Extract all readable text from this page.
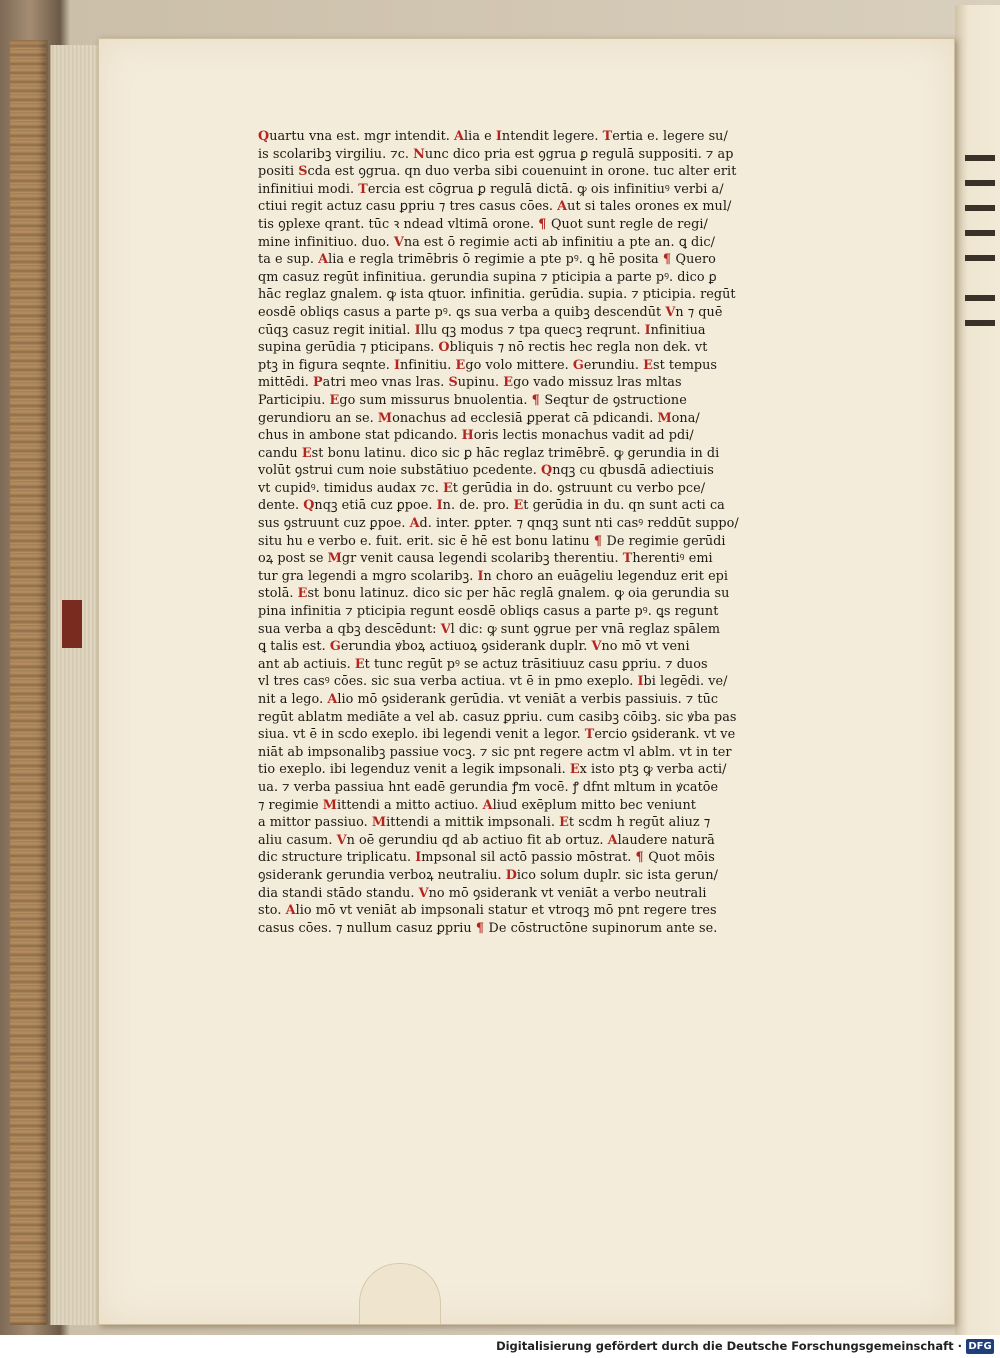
Quartu vna est. mgr intendit. Alia e Intendit legere. Tertia e. legere su/
is scolaribꝫ virgiliu. ⁊c. Nunc dico pria est ꝯgrua ꝑ regulā suppositi. ⁊ ap
positi Scda est ꝯgrua. qn duo verba sibi couenuint in orone. tuc alter erit
infinitiui modi. Tercia est cōgrua ꝑ regulā dictā. ꝙ ois infinitiuꝰ verbi a/
ctiui regit actuz casu ꝑpriu ⁊ tres casus cōes. Aut si tales orones ex mul/
tis ꝯplexe qrant. tūc ꝛ ndead vltimā orone. ¶ Quot sunt regle de regi/
mine infinitiuo. duo. Vna est ō regimie acti ab infinitiu a pte an. ꝗ dic/
ta e sup. Alia e regla trimēbris ō regimie a pte pꝰ. ꝗ hē posita ¶ Quero
qm casuz regūt infinitiua. gerundia supina ⁊ pticipia a parte pꝰ. dico ꝑ
hāc reglaz gnalem. ꝙ ista qtuor. infinitia. gerūdia. supia. ⁊ pticipia. regūt
eosdē obliqs casus a parte pꝰ. ꝗs sua verba a quibꝫ descendūt Vn ⁊ quē
cūqꝫ casuz regit initial. Illu qꝫ modus ⁊ tpa quecꝫ reqrunt. Infinitiua
supina gerūdia ⁊ pticipans. Obliquis ⁊ nō rectis hec regla non dek. vt
ptꝫ in figura seqnte. Infinitiu. Ego volo mittere. Gerundiu. Est tempus
mittēdi. Patri meo vnas lras. Supinu. Ego vado missuz lras mltas
Participiu. Ego sum missurus bnuolentia. ¶ Seqtur de ꝯstructione
gerundioru an se. Monachus ad ecclesiā ꝑperat cā pdicandi. Mona/
chus in ambone stat pdicando. Horis lectis monachus vadit ad pdi/
candu Est bonu latinu. dico sic ꝑ hāc reglaz trimēbrē. ꝙ gerundia in di
volūt ꝯstrui cum noie substātiuo pcedente. Qnqꝫ cu qbusdā adiectiuis
vt cupidꝰ. timidus audax ⁊c. Et gerūdia in do. ꝯstruunt cu verbo pce/
dente. Qnqꝫ etiā cuz ꝑpoe. In. de. pro. Et gerūdia in du. qn sunt acti ca
sus ꝯstruunt cuz ꝑpoe. Ad. inter. ꝑpter. ⁊ qnqꝫ sunt nti casꝰ reddūt suppo/
situ hu e verbo e. fuit. erit. sic ē hē est bonu latinu ¶ De regimie gerūdi
oꝝ post se Mgr venit causa legendi scolaribꝫ therentiu. Therentiꝰ emi
tur gra legendi a mgro scolaribꝫ. In choro an euāgeliu legenduz erit epi
stolā. Est bonu latinuz. dico sic per hāc reglā gnalem. ꝙ oia gerundia su
pina infinitia ⁊ pticipia regunt eosdē obliqs casus a parte pꝰ. ꝗs regunt
sua verba a qbꝫ descēdunt: Vl dic: ꝙ sunt ꝯgrue per vnā reglaz spālem
ꝗ talis est. Gerundia ꝟboꝝ actiuoꝝ ꝯsiderank duplr. Vno mō vt veni
ant ab actiuis. Et tunc regūt pꝰ se actuz trāsitiuuz casu ꝑpriu. ⁊ duos
vl tres casꝰ cōes. sic sua verba actiua. vt ē in pmo exeplo. Ibi legēdi. ve/
nit a lego. Alio mō ꝯsiderank gerūdia. vt veniāt a verbis passiuis. ⁊ tūc
regūt ablatm mediāte a vel ab. casuz ꝑpriu. cum casibꝫ cōibꝫ. sic ꝟba pas
siua. vt ē in scdo exeplo. ibi legendi venit a legor. Tercio ꝯsiderank. vt ve
niāt ab impsonalibꝫ passiue vocꝫ. ⁊ sic pnt regere actm vl ablm. vt in ter
tio exeplo. ibi legenduz venit a legik impsonali. Ex isto ptꝫ ꝙ verba acti/
ua. ⁊ verba passiua hnt eadē gerundia ꝭm vocē. ꝭ dfnt mltum in ꝟcatōe
⁊ regimie Mittendi a mitto actiuo. Aliud exēplum mitto bec veniunt
a mittor passiuo. Mittendi a mittik impsonali. Et scdm h regūt aliuz ⁊
aliu casum. Vn oē gerundiu qd ab actiuo fit ab ortuz. Alaudere naturā
dic structure triplicatu. Impsonal sil actō passio mōstrat. ¶ Quot mōis
ꝯsiderank gerundia verboꝝ neutraliu. Dico solum duplr. sic ista gerun/
dia standi stādo standu. Vno mō ꝯsiderank vt veniāt a verbo neutrali
sto. Alio mō vt veniāt ab impsonali statur et vtroqꝫ mō pnt regere tres
casus cōes. ⁊ nullum casuz ꝑpriu ¶ De cōstructōne supinorum ante se.
Digitalisierung gefördert durch die Deutsche Forschungsgemeinschaft · DFG
